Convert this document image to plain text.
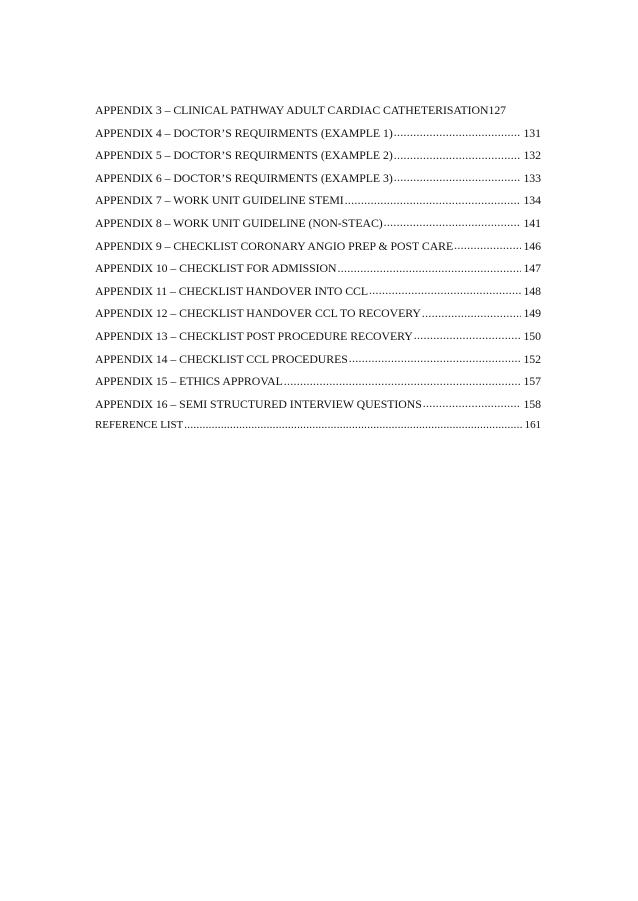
APPENDIX 3 – CLINICAL PATHWAY ADULT CARDIAC CATHETERISATION 127
APPENDIX 4 – DOCTOR’S REQUIRMENTS (EXAMPLE 1) .....	131
APPENDIX 5 – DOCTOR’S REQUIRMENTS (EXAMPLE 2) .....	132
APPENDIX 6 – DOCTOR’S REQUIRMENTS (EXAMPLE 3) .....	133
APPENDIX 7 – WORK UNIT GUIDELINE STEMI .....	134
APPENDIX 8 – WORK UNIT GUIDELINE (NON-STEAC) .....	141
APPENDIX 9 – CHECKLIST CORONARY ANGIO PREP & POST CARE .....	146
APPENDIX 10 – CHECKLIST FOR ADMISSION .....	147
APPENDIX 11 – CHECKLIST HANDOVER INTO CCL .....	148
APPENDIX 12 – CHECKLIST HANDOVER CCL TO RECOVERY .....	149
APPENDIX 13 – CHECKLIST POST PROCEDURE RECOVERY .....	150
APPENDIX 14 – CHECKLIST CCL PROCEDURES .....	152
APPENDIX 15 – ETHICS APPROVAL .....	157
APPENDIX 16 – SEMI STRUCTURED INTERVIEW QUESTIONS .....	158
REFERENCE LIST .....	161
